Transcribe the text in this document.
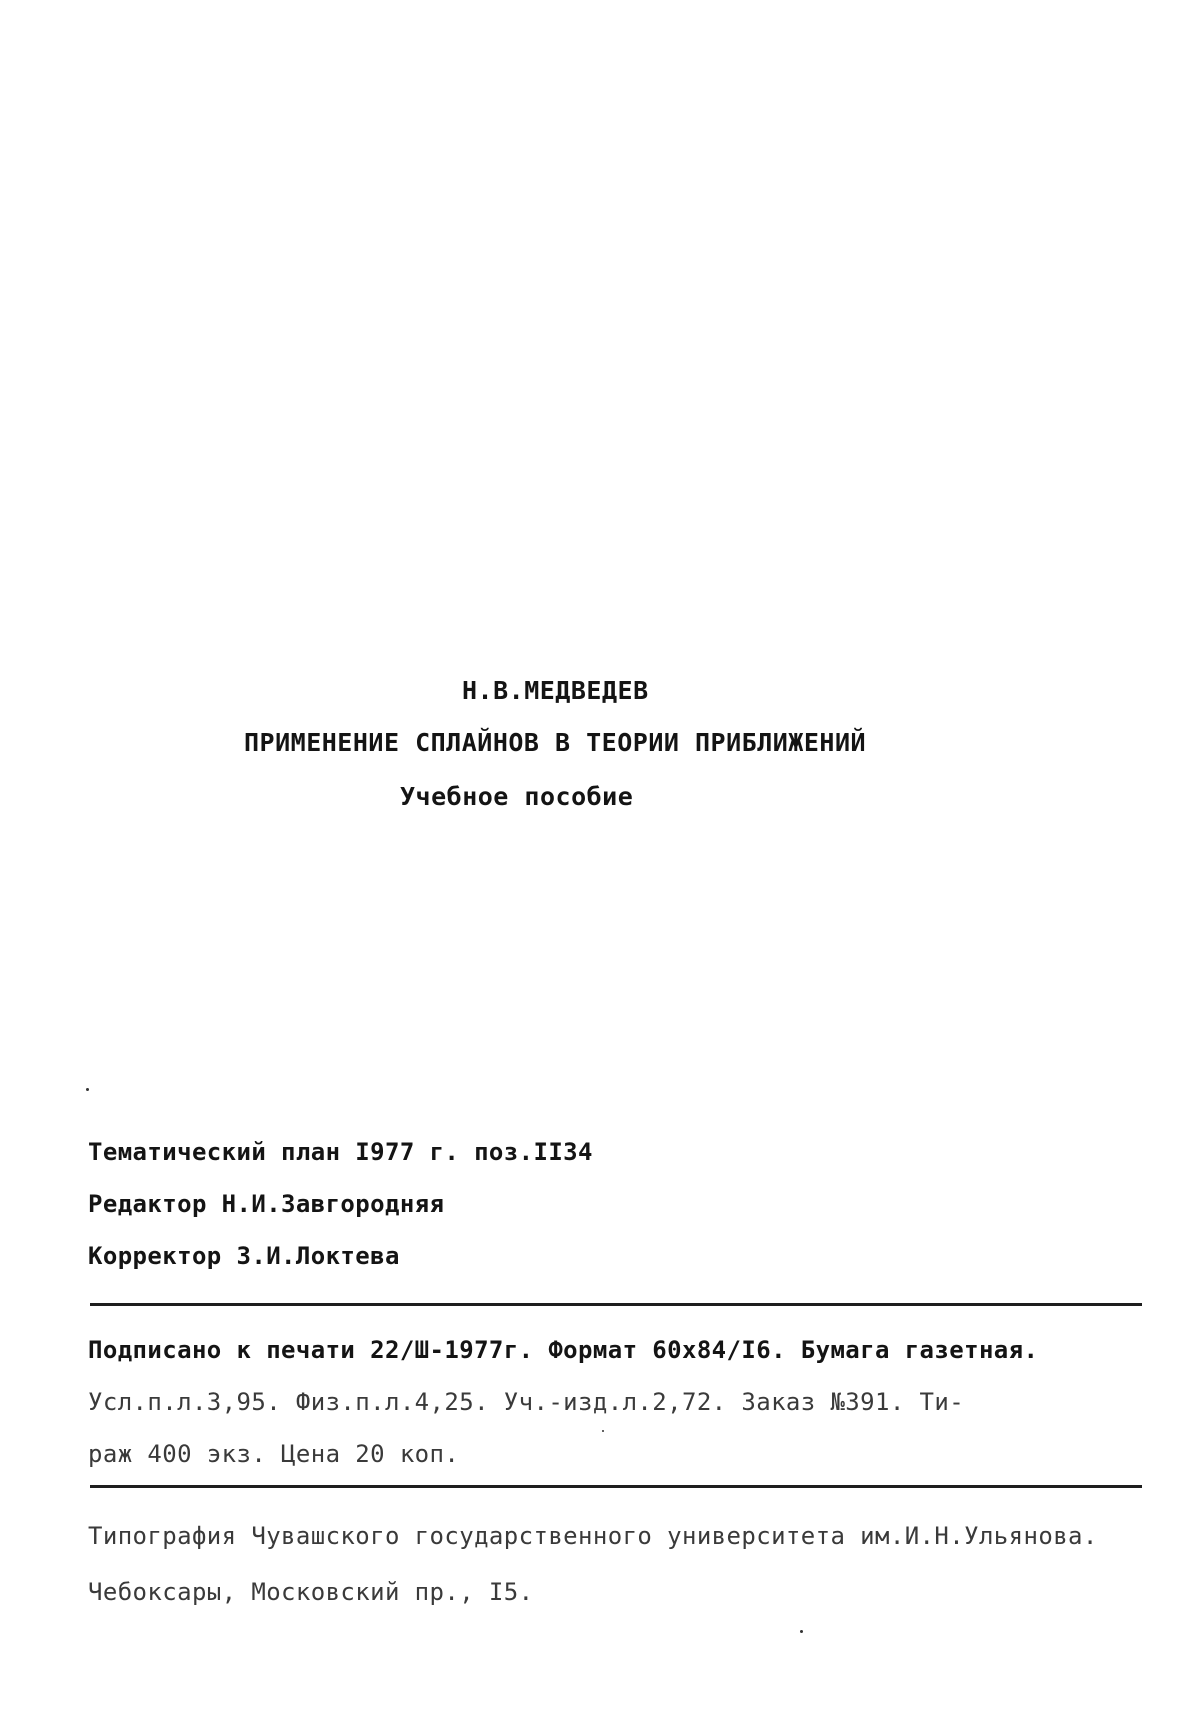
Н.В.МЕДВЕДЕВ
ПРИМЕНЕНИЕ СПЛАЙНОВ В ТЕОРИИ ПРИБЛИЖЕНИЙ
Учебное пособие
Тематический план I977 г. поз.II34
Редактор Н.И.Завгородняя
Корректор З.И.Локтева
Подписано к печати 22/Ш-1977г. Формат 60х84/I6. Бумага газетная.
Усл.п.л.3,95. Физ.п.л.4,25. Уч.-изд.л.2,72. Заказ №391. Ти-
раж 400 экз. Цена 20 коп.
Типография Чувашского государственного университета им.И.Н.Ульянова.
Чебоксары, Московский пр., I5.
